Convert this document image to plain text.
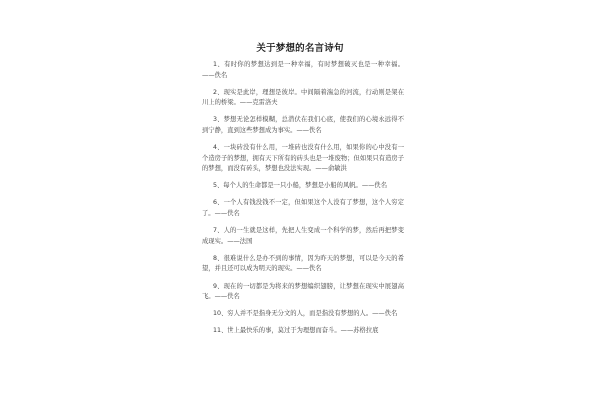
关于梦想的名言诗句

1、有时你的梦想达到是一种幸福，有时梦想破灭也是一种幸福。——佚名

2、现实是此岸，理想是彼岸。中间隔着湍急的河流，行动则是架在川上的桥梁。——克雷洛夫

3、梦想无论怎样模糊，总潜伏在我们心底，使我们的心境永远得不到宁静，直到这些梦想成为事实。——佚名

4、一块砖没有什么用，一堆砖也没有什么用，如果你的心中没有一个造房子的梦想，拥有天下所有的砖头也是一堆废物；但如果只有造房子的梦想，而没有砖头，梦想也没法实现。——俞敏洪

5、每个人的生命都是一只小船，梦想是小船的风帆。——佚名

6、一个人有钱没钱不一定，但如果这个人没有了梦想，这个人穷定了。——佚名

7、人的一生就是这样，先把人生变成一个科学的梦，然后再把梦变成现实。——法国

8、很难说什么是办不到的事情，因为昨天的梦想，可以是今天的希望，并且还可以成为明天的现实。——佚名

9、现在的一切都是为将来的梦想编织翅膀，让梦想在现实中展翅高飞。——佚名

10、穷人并不是指身无分文的人，而是指没有梦想的人。——佚名

11、世上最快乐的事，莫过于为理想而奋斗。——苏格拉底
